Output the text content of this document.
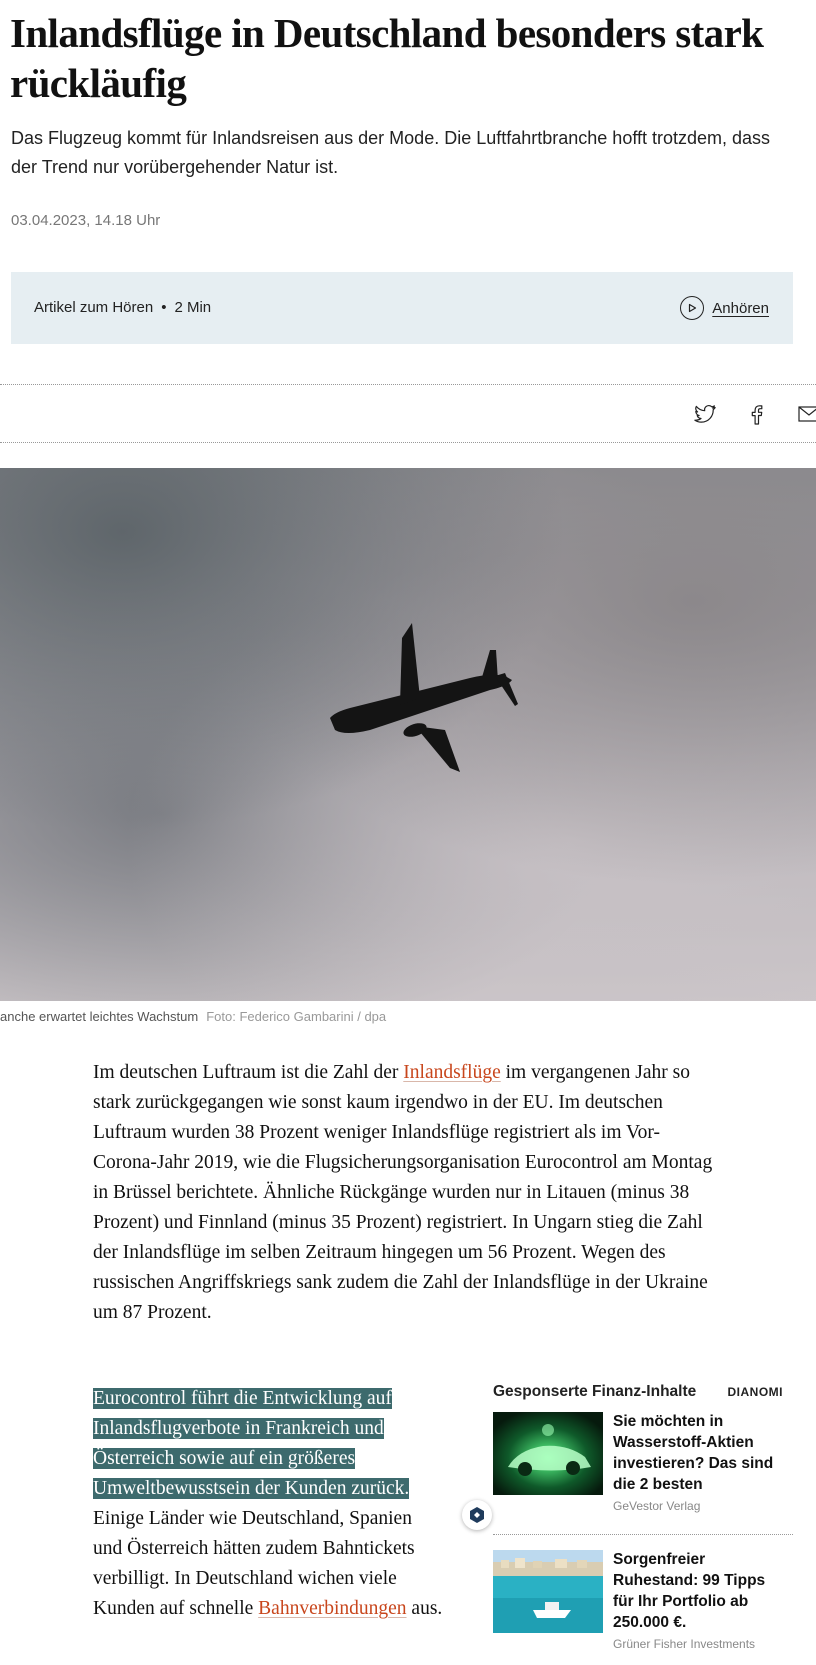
Inlandsflüge in Deutschland besonders stark rückläufig

Das Flugzeug kommt für Inlandsreisen aus der Mode. Die Luftfahrtbranche hofft trotzdem, dass der Trend nur vorübergehender Natur ist.

03.04.2023, 14.18 Uhr
Artikel zum Hören • 2 Min	Anhören
anche erwartet leichtes Wachstum Foto: Federico Gambarini / dpa

Im deutschen Luftraum ist die Zahl der Inlandsflüge im vergangenen Jahr so stark zurückgegangen wie sonst kaum irgendwo in der EU. Im deutschen Luftraum wurden 38 Prozent weniger Inlandsflüge registriert als im Vor-Corona-Jahr 2019, wie die Flugsicherungsorganisation Eurocontrol am Montag in Brüssel berichtete. Ähnliche Rückgänge wurden nur in Litauen (minus 38 Prozent) und Finnland (minus 35 Prozent) registriert. In Ungarn stieg die Zahl der Inlandsflüge im selben Zeitraum hingegen um 56 Prozent. Wegen des russischen Angriffskriegs sank zudem die Zahl der Inlandsflüge in der Ukraine um 87 Prozent.

Eurocontrol führt die Entwicklung auf Inlandsflugverbote in Frankreich und Österreich sowie auf ein größeres Umweltbewusstsein der Kunden zurück.
Einige Länder wie Deutschland, Spanien und Österreich hätten zudem Bahntickets verbilligt. In Deutschland wichen viele Kunden auf schnelle Bahnverbindungen aus.

Gesponserte Finanz-Inhalte	DIANOMI
Sie möchten in Wasserstoff-Aktien investieren? Das sind die 2 besten
GeVestor Verlag
Sorgenfreier Ruhestand: 99 Tipps für Ihr Portfolio ab 250.000 €.
Grüner Fisher Investments
